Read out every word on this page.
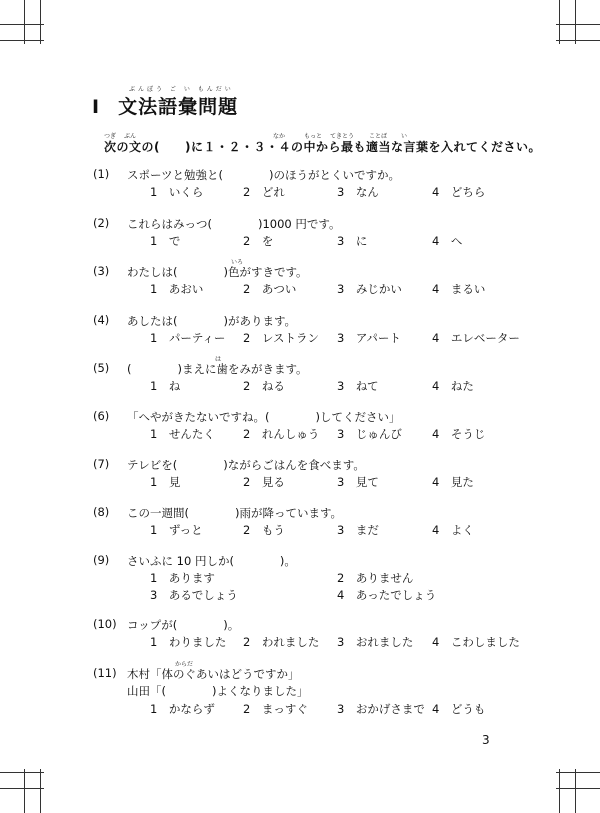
ぶんぽう ご い もんだい
I 文法語彙問題
つぎ ぶん	なか	もっと てきとう ことば い
次の文の(　　)に１・２・３・４の中から最も適当な言葉を入れてください。
(1) スポーツと勉強と(　　　　)のほうがとくいですか。
1　いくら	2　どれ	3　なん	4　どちら
(2) これらはみっつ(　　　　)1000 円です。
1　で	2　を	3　に	4　へ
いろ
(3) わたしは(　　　　)色がすきです。
1　あおい	2　あつい	3　みじかい	4　まるい
(4) あしたは(　　　　)があります。
1　パーティー 2　レストラン 3　アパート	4　エレベーター
は
(5) (　　　　)まえに歯をみがきます。
1　ね	2　ねる	3　ねて	4　ねた
(6) 「へやがきたないですね。(　　　　)してください」
1　せんたく 2　れんしゅう 3　じゅんび	4　そうじ
(7) テレビを(　　　　)ながらごはんを食べます。
1　見	2　見る	3　見て	4　見た
(8) この一週間(　　　　)雨が降っています。
1　ずっと	2　もう	3　まだ	4　よく
(9) さいふに 10 円しか(　　　　)。
1　あります	2　ありません
3　あるでしょう	4　あったでしょう
(10) コップが(　　　　)。
1　わりました 2　われました 3　おれました 4　こわしました
からだ
(11) 木村「体のぐあいはどうですか」
山田「(　　　　)よくなりました」
1　かならず 2　まっすぐ	3　おかげさまで 4　どうも
3
